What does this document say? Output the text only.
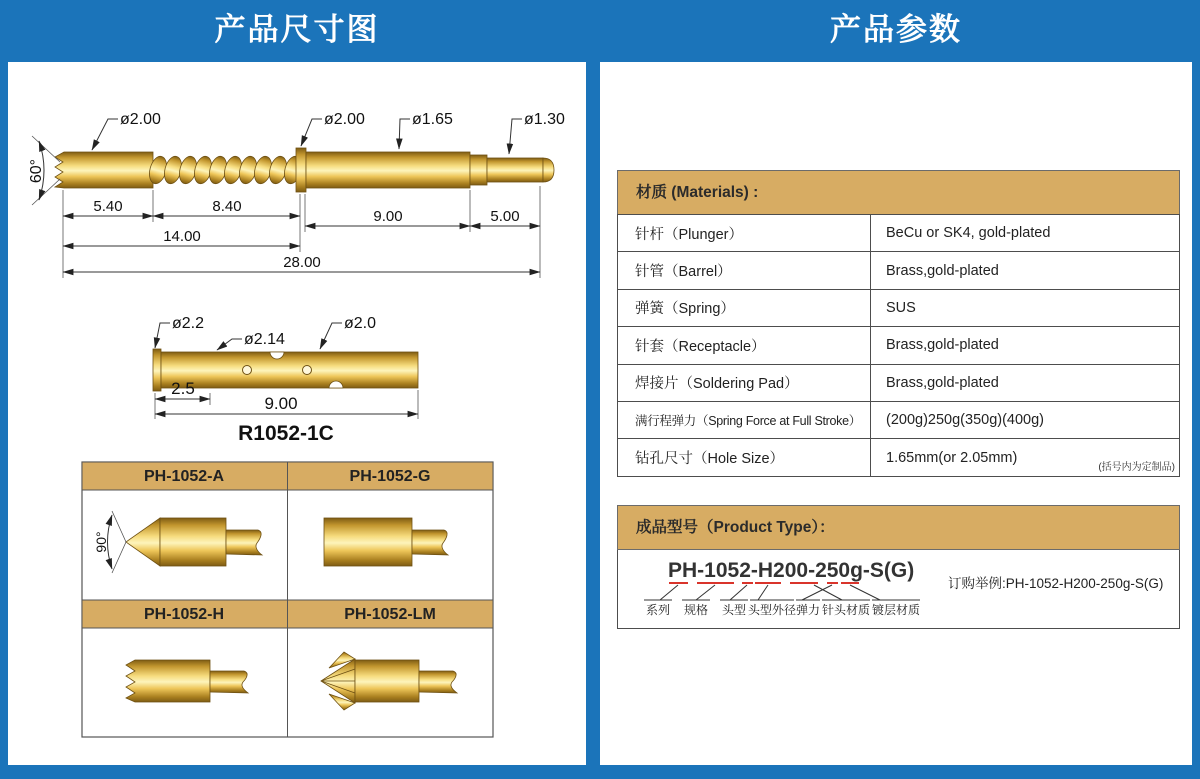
产品尺寸图	产品参数
60°
ø2.00	ø2.00	ø1.65	ø1.30
5.40	8.40
9.00	5.00
14.00
28.00
ø2.2
ø2.14
ø2.0
2.5
9.00
R1052-1C
PH-1052-A	PH-1052-G
PH-1052-H	PH-1052-LM
90°
材质 (Materials) :
针杆（Plunger）	BeCu or SK4, gold-plated
针管（Barrel）	Brass,gold-plated
弹簧（Spring）	SUS
针套（Receptacle）	Brass,gold-plated
焊接片（Soldering Pad）	Brass,gold-plated
满行程弹力（Spring Force at Full Stroke）	(200g)250g(350g)(400g)
钻孔尺寸（Hole Size）	1.65mm(or 2.05mm)
(括号内为定制品)
成品型号（Product Type）：
PH-1052-H200-250g-S(G)
系列 规格 头型 头型外径 弹力 针头材质 镀层材质
订购举例:PH-1052-H200-250g-S(G)
